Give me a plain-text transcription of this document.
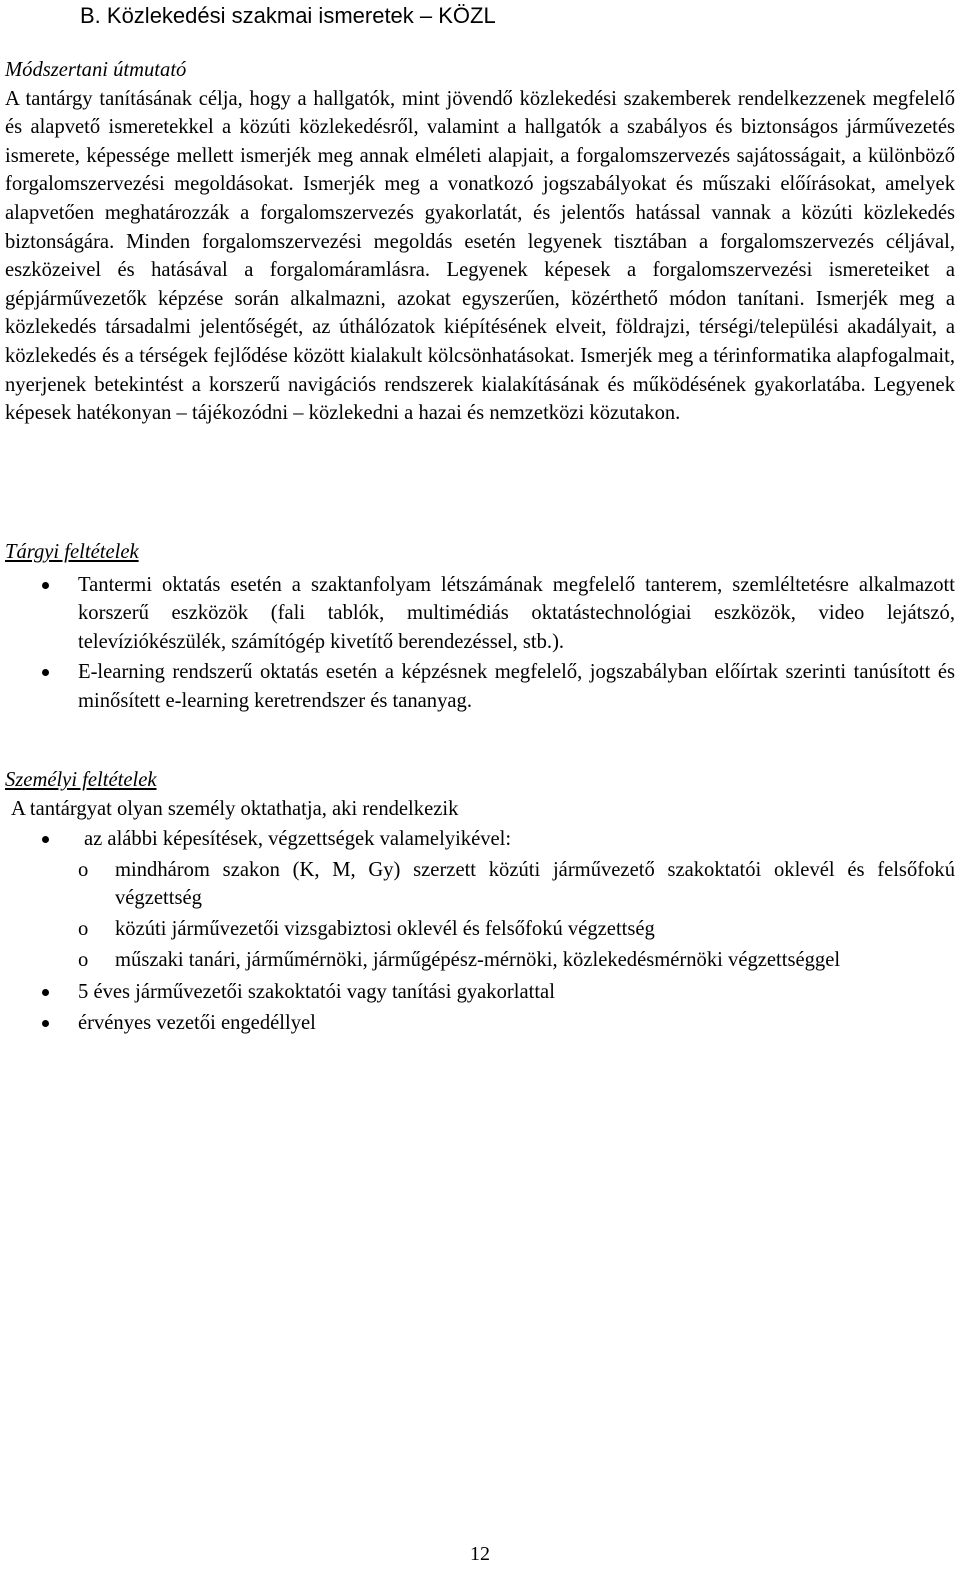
B. Közlekedési szakmai ismeretek – KÖZL
Módszertani útmutató
A tantárgy tanításának célja, hogy a hallgatók, mint jövendő közlekedési szakemberek rendelkezzenek megfelelő és alapvető ismeretekkel a közúti közlekedésről, valamint a hallgatók a szabályos és biztonságos járművezetés ismerete, képessége mellett ismerjék meg annak elméleti alapjait, a forgalomszervezés sajátosságait, a különböző forgalomszervezési megoldásokat. Ismerjék meg a vonatkozó jogszabályokat és műszaki előírásokat, amelyek alapvetően meghatározzák a forgalomszervezés gyakorlatát, és jelentős hatással vannak a közúti közlekedés biztonságára. Minden forgalomszervezési megoldás esetén legyenek tisztában a forgalomszervezés céljával, eszközeivel és hatásával a forgalomáramlásra. Legyenek képesek a forgalomszervezési ismereteiket a gépjárművezetők képzése során alkalmazni, azokat egyszerűen, közérthető módon tanítani. Ismerjék meg a közlekedés társadalmi jelentőségét, az úthálózatok kiépítésének elveit, földrajzi, térségi/települési akadályait, a közlekedés és a térségek fejlődése között kialakult kölcsönhatásokat. Ismerjék meg a térinformatika alapfogalmait, nyerjenek betekintést a korszerű navigációs rendszerek kialakításának és működésének gyakorlatába. Legyenek képesek hatékonyan – tájékozódni – közlekedni a hazai és nemzetközi közutakon.
Tárgyi feltételek
Tantermi oktatás esetén a szaktanfolyam létszámának megfelelő tanterem, szemléltetésre alkalmazott korszerű eszközök (fali tablók, multimédiás oktatástechnológiai eszközök, video lejátszó, televíziókészülék, számítógép kivetítő berendezéssel, stb.).
E-learning rendszerű oktatás esetén a képzésnek megfelelő, jogszabályban előírtak szerinti tanúsított és minősített e-learning keretrendszer és tananyag.
Személyi feltételek
A tantárgyat olyan személy oktathatja, aki rendelkezik
az alábbi képesítések, végzettségek valamelyikével:
o mindhárom szakon (K, M, Gy) szerzett közúti járművezető szakoktatói oklevél és felsőfokú végzettség
o közúti járművezetői vizsgabiztosi oklevél és felsőfokú végzettség
o műszaki tanári, járműmérnöki, járműgépész-mérnöki, közlekedésmérnöki végzettséggel
5 éves járművezetői szakoktatói vagy tanítási gyakorlattal
érvényes vezetői engedéllyel
12
